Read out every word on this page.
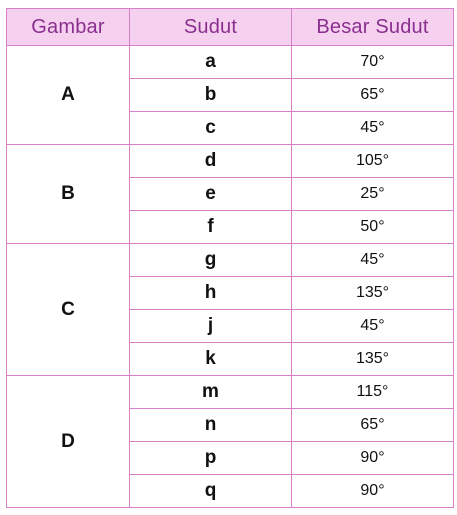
Gambar	Sudut	Besar Sudut
A	a	70°
	b	65°
	c	45°
B	d	105°
	e	25°
	f	50°
C	g	45°
	h	135°
	j	45°
	k	135°
D	m	115°
	n	65°
	p	90°
	q	90°
